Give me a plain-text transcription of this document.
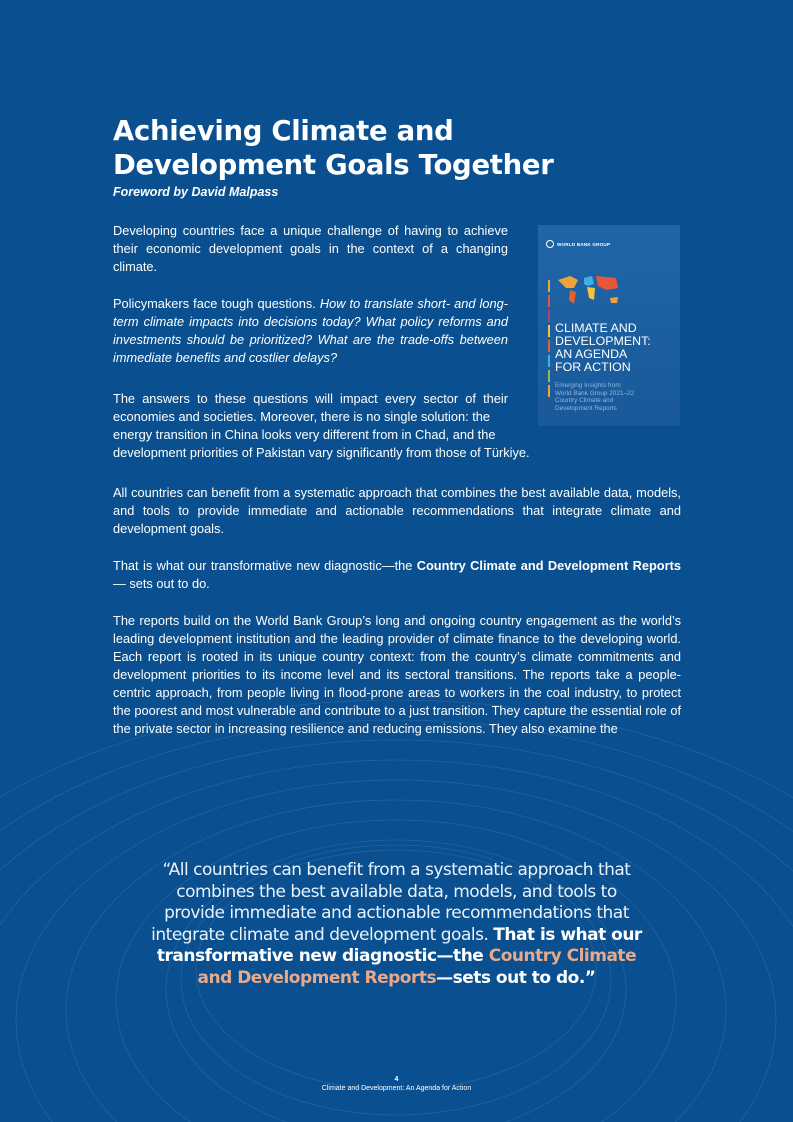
Achieving Climate and Development Goals Together

Foreword by David Malpass

Developing countries face a unique challenge of having to achieve their economic development goals in the context of a changing climate.

Policymakers face tough questions. How to translate short- and long-term climate impacts into decisions today? What policy reforms and investments should be prioritized? What are the trade-offs between immediate benefits and costlier delays?

The answers to these questions will impact every sector of their economies and societies. Moreover, there is no single solution: the

energy transition in China looks very different from in Chad, and the

development priorities of Pakistan vary significantly from those of Türkiye.

All countries can benefit from a systematic approach that combines the best available data, models, and tools to provide immediate and actionable recommendations that integrate climate and development goals.

That is what our transformative new diagnostic—the Country Climate and Development Reports— sets out to do.

The reports build on the World Bank Group’s long and ongoing country engagement as the world’s leading development institution and the leading provider of climate finance to the developing world. Each report is rooted in its unique country context: from the country’s climate commitments and development priorities to its income level and its sectoral transitions. The reports take a people-centric approach, from people living in flood-prone areas to workers in the coal industry, to protect the poorest and most vulnerable and contribute to a just transition. They capture the essential role of the private sector in increasing resilience and reducing emissions. They also examine the

WORLD BANK GROUP

CLIMATE AND
DEVELOPMENT:
AN AGENDA
FOR ACTION

Emerging Insights from
World Bank Group 2021–22
Country Climate and
Development Reports

“All countries can benefit from a systematic approach that combines the best available data, models, and tools to provide immediate and actionable recommendations that integrate climate and development goals. That is what our transformative new diagnostic—the Country Climate and Development Reports—sets out to do.”

4
Climate and Development: An Agenda for Action
